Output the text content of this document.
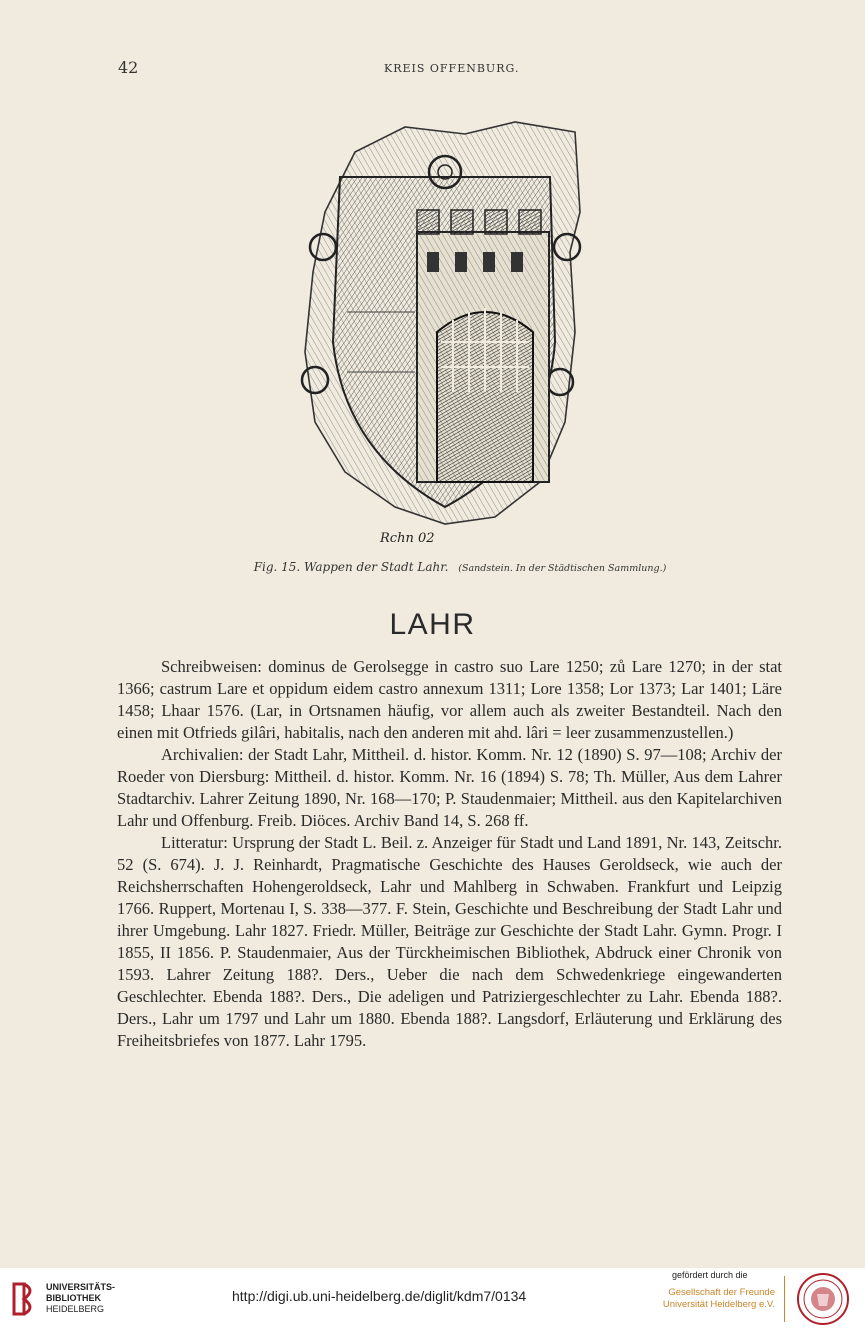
42	KREIS OFFENBURG.
Rchn 02
Fig. 15. Wappen der Stadt Lahr. (Sandstein. In der Städtischen Sammlung.)
LAHR

Schreibweisen: dominus de Gerolsegge in castro suo Lare 1250; zů Lare 1270; in der stat 1366; castrum Lare et oppidum eidem castro annexum 1311; Lore 1358; Lor 1373; Lar 1401; Läre 1458; Lhaar 1576. (Lar, in Ortsnamen häufig, vor allem auch als zweiter Bestandteil. Nach den einen mit Otfrieds gilâri, habitalis, nach den anderen mit ahd. lâri = leer zusammenzustellen.)

Archivalien: der Stadt Lahr, Mittheil. d. histor. Komm. Nr. 12 (1890) S. 97—108; Archiv der Roeder von Diersburg: Mittheil. d. histor. Komm. Nr. 16 (1894) S. 78; Th. Müller, Aus dem Lahrer Stadtarchiv. Lahrer Zeitung 1890, Nr. 168—170; P. Staudenmaier; Mittheil. aus den Kapitelarchiven Lahr und Offenburg. Freib. Diöces. Archiv Band 14, S. 268 ff.

Litteratur: Ursprung der Stadt L. Beil. z. Anzeiger für Stadt und Land 1891, Nr. 143, Zeitschr. 52 (S. 674). J. J. Reinhardt, Pragmatische Geschichte des Hauses Geroldseck, wie auch der Reichsherrschaften Hohengeroldseck, Lahr und Mahlberg in Schwaben. Frankfurt und Leipzig 1766. Ruppert, Mortenau I, S. 338—377. F. Stein, Geschichte und Beschreibung der Stadt Lahr und ihrer Umgebung. Lahr 1827. Friedr. Müller, Beiträge zur Geschichte der Stadt Lahr. Gymn. Progr. I 1855, II 1856. P. Staudenmaier, Aus der Türckheimischen Bibliothek, Abdruck einer Chronik von 1593. Lahrer Zeitung 188?. Ders., Ueber die nach dem Schwedenkriege eingewanderten Geschlechter. Ebenda 188?. Ders., Die adeligen und Patriziergeschlechter zu Lahr. Ebenda 188?. Ders., Lahr um 1797 und Lahr um 1880. Ebenda 188?. Langsdorf, Erläuterung und Erklärung des Freiheitsbriefes von 1877. Lahr 1795.

UNIVERSITÄTS-
BIBLIOTHEK
HEIDELBERG
http://digi.ub.uni-heidelberg.de/diglit/kdm7/0134
gefördert durch die
Gesellschaft der Freunde
Universität Heidelberg e.V.
